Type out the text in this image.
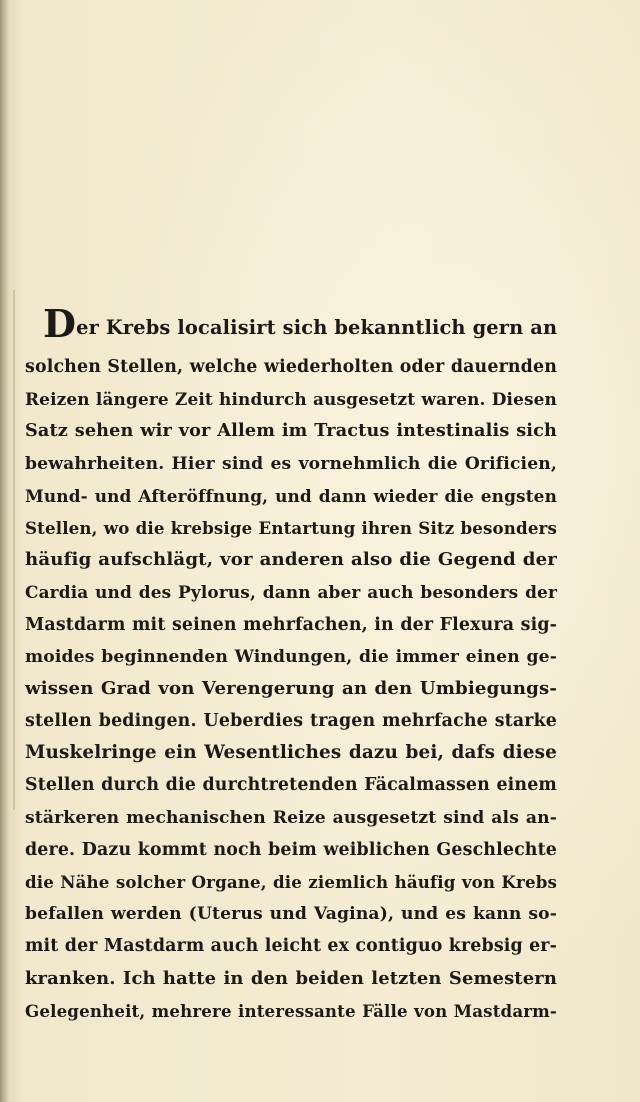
Der Krebs localisirt sich bekanntlich gern an
solchen Stellen, welche wiederholten oder dauernden
Reizen längere Zeit hindurch ausgesetzt waren. Diesen
Satz sehen wir vor Allem im Tractus intestinalis sich
bewahrheiten. Hier sind es vornehmlich die Orificien,
Mund- und Afteröffnung, und dann wieder die engsten
Stellen, wo die krebsige Entartung ihren Sitz besonders
häufig aufschlägt, vor anderen also die Gegend der
Cardia und des Pylorus, dann aber auch besonders der
Mastdarm mit seinen mehrfachen, in der Flexura sig-
moides beginnenden Windungen, die immer einen ge-
wissen Grad von Verengerung an den Umbiegungs-
stellen bedingen. Ueberdies tragen mehrfache starke
Muskelringe ein Wesentliches dazu bei, dafs diese
Stellen durch die durchtretenden Fäcalmassen einem
stärkeren mechanischen Reize ausgesetzt sind als an-
dere. Dazu kommt noch beim weiblichen Geschlechte
die Nähe solcher Organe, die ziemlich häufig von Krebs
befallen werden (Uterus und Vagina), und es kann so-
mit der Mastdarm auch leicht ex contiguo krebsig er-
kranken. Ich hatte in den beiden letzten Semestern
Gelegenheit, mehrere interessante Fälle von Mastdarm-
